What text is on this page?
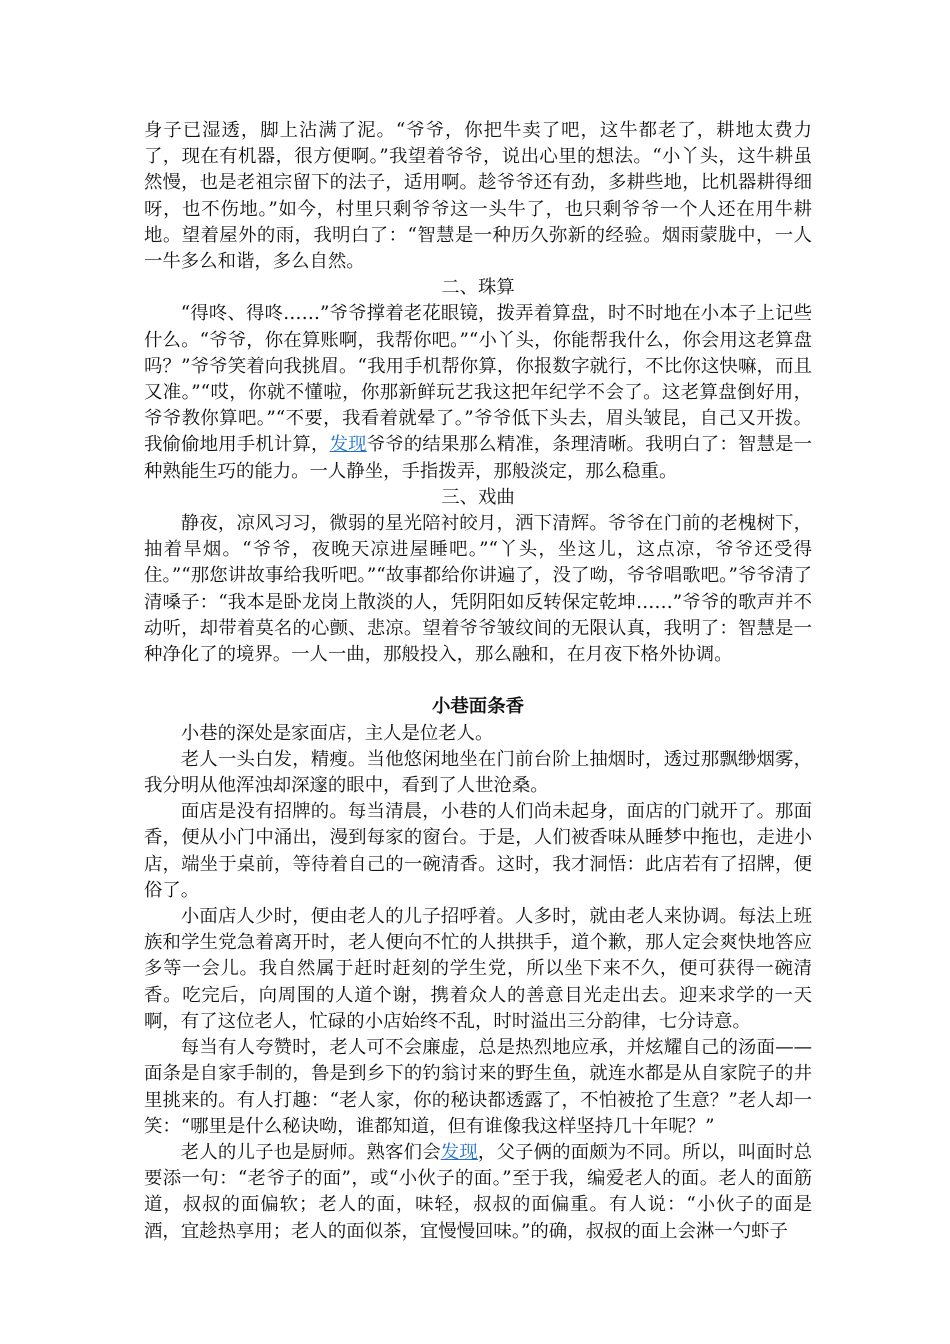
身子已湿透，脚上沾满了泥。“爷爷，你把牛卖了吧，这牛都老了，耕地太费力了，现在有机器，很方便啊。”我望着爷爷，说出心里的想法。“小丫头，这牛耕虽然慢，也是老祖宗留下的法子，适用啊。趁爷爷还有劲，多耕些地，比机器耕得细呀，也不伤地。”如今，村里只剩爷爷这一头牛了，也只剩爷爷一个人还在用牛耕地。望着屋外的雨，我明白了：“智慧是一种历久弥新的经验。烟雨蒙胧中，一人一牛多么和谐，多么自然。

二、珠算

“得咚、得咚……”爷爷撑着老花眼镜，拨弄着算盘，时不时地在小本子上记些什么。“爷爷，你在算账啊，我帮你吧。”“小丫头，你能帮我什么，你会用这老算盘吗？”爷爷笑着向我挑眉。“我用手机帮你算，你报数字就行，不比你这快嘛，而且又准。”“哎，你就不懂啦，你那新鲜玩艺我这把年纪学不会了。这老算盘倒好用，爷爷教你算吧。”“不要，我看着就晕了。”爷爷低下头去，眉头皱昆，自己又开拨。我偷偷地用手机计算，发现爷爷的结果那么精准，条理清晰。我明白了：智慧是一种熟能生巧的能力。一人静坐，手指拨弄，那般淡定，那么稳重。

三、戏曲

静夜，凉风习习，微弱的星光陪衬皎月，洒下清辉。爷爷在门前的老槐树下，抽着旱烟。“爷爷，夜晚天凉进屋睡吧。”“丫头，坐这儿，这点凉，爷爷还受得住。”“那您讲故事给我听吧。”“故事都给你讲遍了，没了呦，爷爷唱歌吧。”爷爷清了清嗓子：“我本是卧龙岗上散淡的人，凭阴阳如反转保定乾坤……”爷爷的歌声并不动听，却带着莫名的心颤、悲凉。望着爷爷皱纹间的无限认真，我明了：智慧是一种净化了的境界。一人一曲，那般投入，那么融和，在月夜下格外协调。

小巷面条香

小巷的深处是家面店，主人是位老人。

老人一头白发，精瘦。当他悠闲地坐在门前台阶上抽烟时，透过那飘缈烟雾，我分明从他浑浊却深邃的眼中，看到了人世沧桑。

面店是没有招牌的。每当清晨，小巷的人们尚未起身，面店的门就开了。那面香，便从小门中涌出，漫到每家的窗台。于是，人们被香味从睡梦中拖也，走进小店，端坐于桌前，等待着自己的一碗清香。这时，我才洞悟：此店若有了招牌，便俗了。

小面店人少时，便由老人的儿子招呼着。人多时，就由老人来协调。每法上班族和学生党急着离开时，老人便向不忙的人拱拱手，道个歉，那人定会爽快地答应多等一会儿。我自然属于赶时赶刻的学生党，所以坐下来不久，便可获得一碗清香。吃完后，向周围的人道个谢，携着众人的善意目光走出去。迎来求学的一天啊，有了这位老人，忙碌的小店始终不乱，时时溢出三分韵律，七分诗意。

每当有人夸赞时，老人可不会廉虚，总是热烈地应承，并炫耀自己的汤面——面条是自家手制的，鲁是到乡下的钓翁讨来的野生鱼，就连水都是从自家院子的井里挑来的。有人打趣：“老人家，你的秘诀都透露了，不怕被抢了生意？”老人却一笑：“哪里是什么秘诀呦，谁都知道，但有谁像我这样坚持几十年呢？”

老人的儿子也是厨师。熟客们会发现，父子俩的面颇为不同。所以，叫面时总要添一句：“老爷子的面”，或“小伙子的面。”至于我，编爱老人的面。老人的面筋道，叔叔的面偏软；老人的面，味轻，叔叔的面偏重。有人说：“小伙子的面是酒，宜趁热享用；老人的面似茶，宜慢慢回味。”的确，叔叔的面上会淋一勺虾子
